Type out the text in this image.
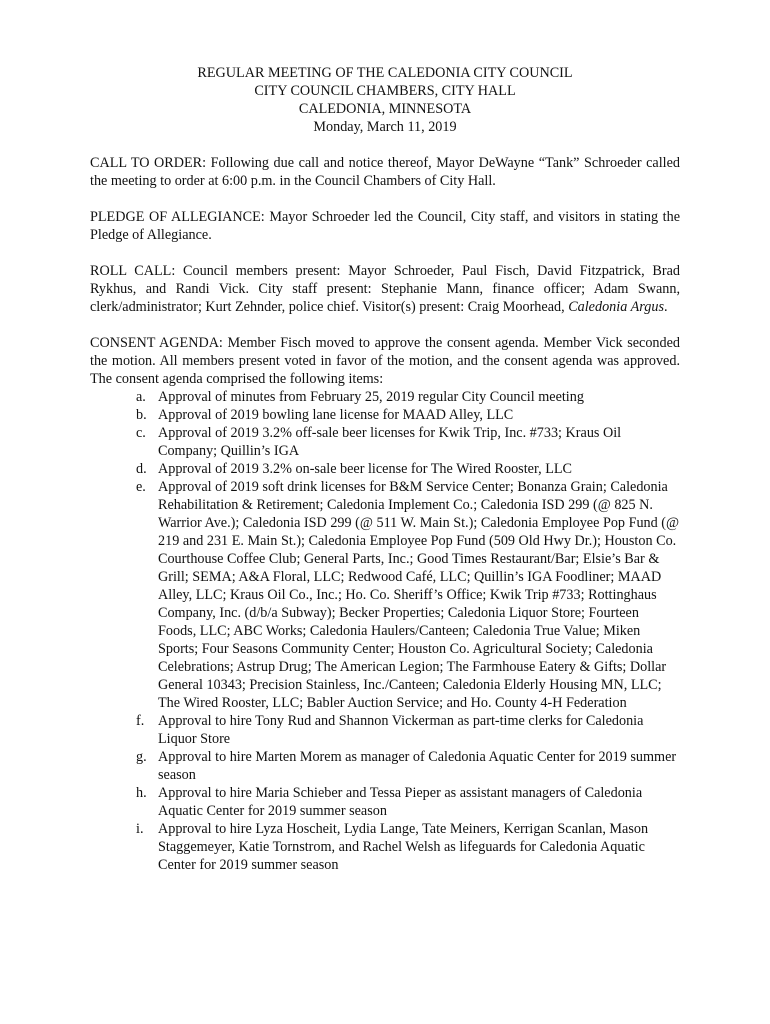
REGULAR MEETING OF THE CALEDONIA CITY COUNCIL
CITY COUNCIL CHAMBERS, CITY HALL
CALEDONIA, MINNESOTA
Monday, March 11, 2019

CALL TO ORDER: Following due call and notice thereof, Mayor DeWayne “Tank” Schroeder called the meeting to order at 6:00 p.m. in the Council Chambers of City Hall.

PLEDGE OF ALLEGIANCE: Mayor Schroeder led the Council, City staff, and visitors in stating the Pledge of Allegiance.

ROLL CALL: Council members present: Mayor Schroeder, Paul Fisch, David Fitzpatrick, Brad Rykhus, and Randi Vick. City staff present: Stephanie Mann, finance officer; Adam Swann, clerk/administrator; Kurt Zehnder, police chief. Visitor(s) present: Craig Moorhead, Caledonia Argus.

CONSENT AGENDA: Member Fisch moved to approve the consent agenda. Member Vick seconded the motion. All members present voted in favor of the motion, and the consent agenda was approved. The consent agenda comprised the following items:

a. Approval of minutes from February 25, 2019 regular City Council meeting
b. Approval of 2019 bowling lane license for MAAD Alley, LLC
c. Approval of 2019 3.2% off-sale beer licenses for Kwik Trip, Inc. #733; Kraus Oil Company; Quillin’s IGA
d. Approval of 2019 3.2% on-sale beer license for The Wired Rooster, LLC
e. Approval of 2019 soft drink licenses for B&M Service Center; Bonanza Grain; Caledonia Rehabilitation & Retirement; Caledonia Implement Co.; Caledonia ISD 299 (@ 825 N. Warrior Ave.); Caledonia ISD 299 (@ 511 W. Main St.); Caledonia Employee Pop Fund (@ 219 and 231 E. Main St.); Caledonia Employee Pop Fund (509 Old Hwy Dr.); Houston Co. Courthouse Coffee Club; General Parts, Inc.; Good Times Restaurant/Bar; Elsie’s Bar & Grill; SEMA; A&A Floral, LLC; Redwood Café, LLC; Quillin’s IGA Foodliner; MAAD Alley, LLC; Kraus Oil Co., Inc.; Ho. Co. Sheriff’s Office; Kwik Trip #733; Rottinghaus Company, Inc. (d/b/a Subway); Becker Properties; Caledonia Liquor Store; Fourteen Foods, LLC; ABC Works; Caledonia Haulers/Canteen; Caledonia True Value; Miken Sports; Four Seasons Community Center; Houston Co. Agricultural Society; Caledonia Celebrations; Astrup Drug; The American Legion; The Farmhouse Eatery & Gifts; Dollar General 10343; Precision Stainless, Inc./Canteen; Caledonia Elderly Housing MN, LLC; The Wired Rooster, LLC; Babler Auction Service; and Ho. County 4-H Federation
f. Approval to hire Tony Rud and Shannon Vickerman as part-time clerks for Caledonia Liquor Store
g. Approval to hire Marten Morem as manager of Caledonia Aquatic Center for 2019 summer season
h. Approval to hire Maria Schieber and Tessa Pieper as assistant managers of Caledonia Aquatic Center for 2019 summer season
i. Approval to hire Lyza Hoscheit, Lydia Lange, Tate Meiners, Kerrigan Scanlan, Mason Staggemeyer, Katie Tornstrom, and Rachel Welsh as lifeguards for Caledonia Aquatic Center for 2019 summer season
